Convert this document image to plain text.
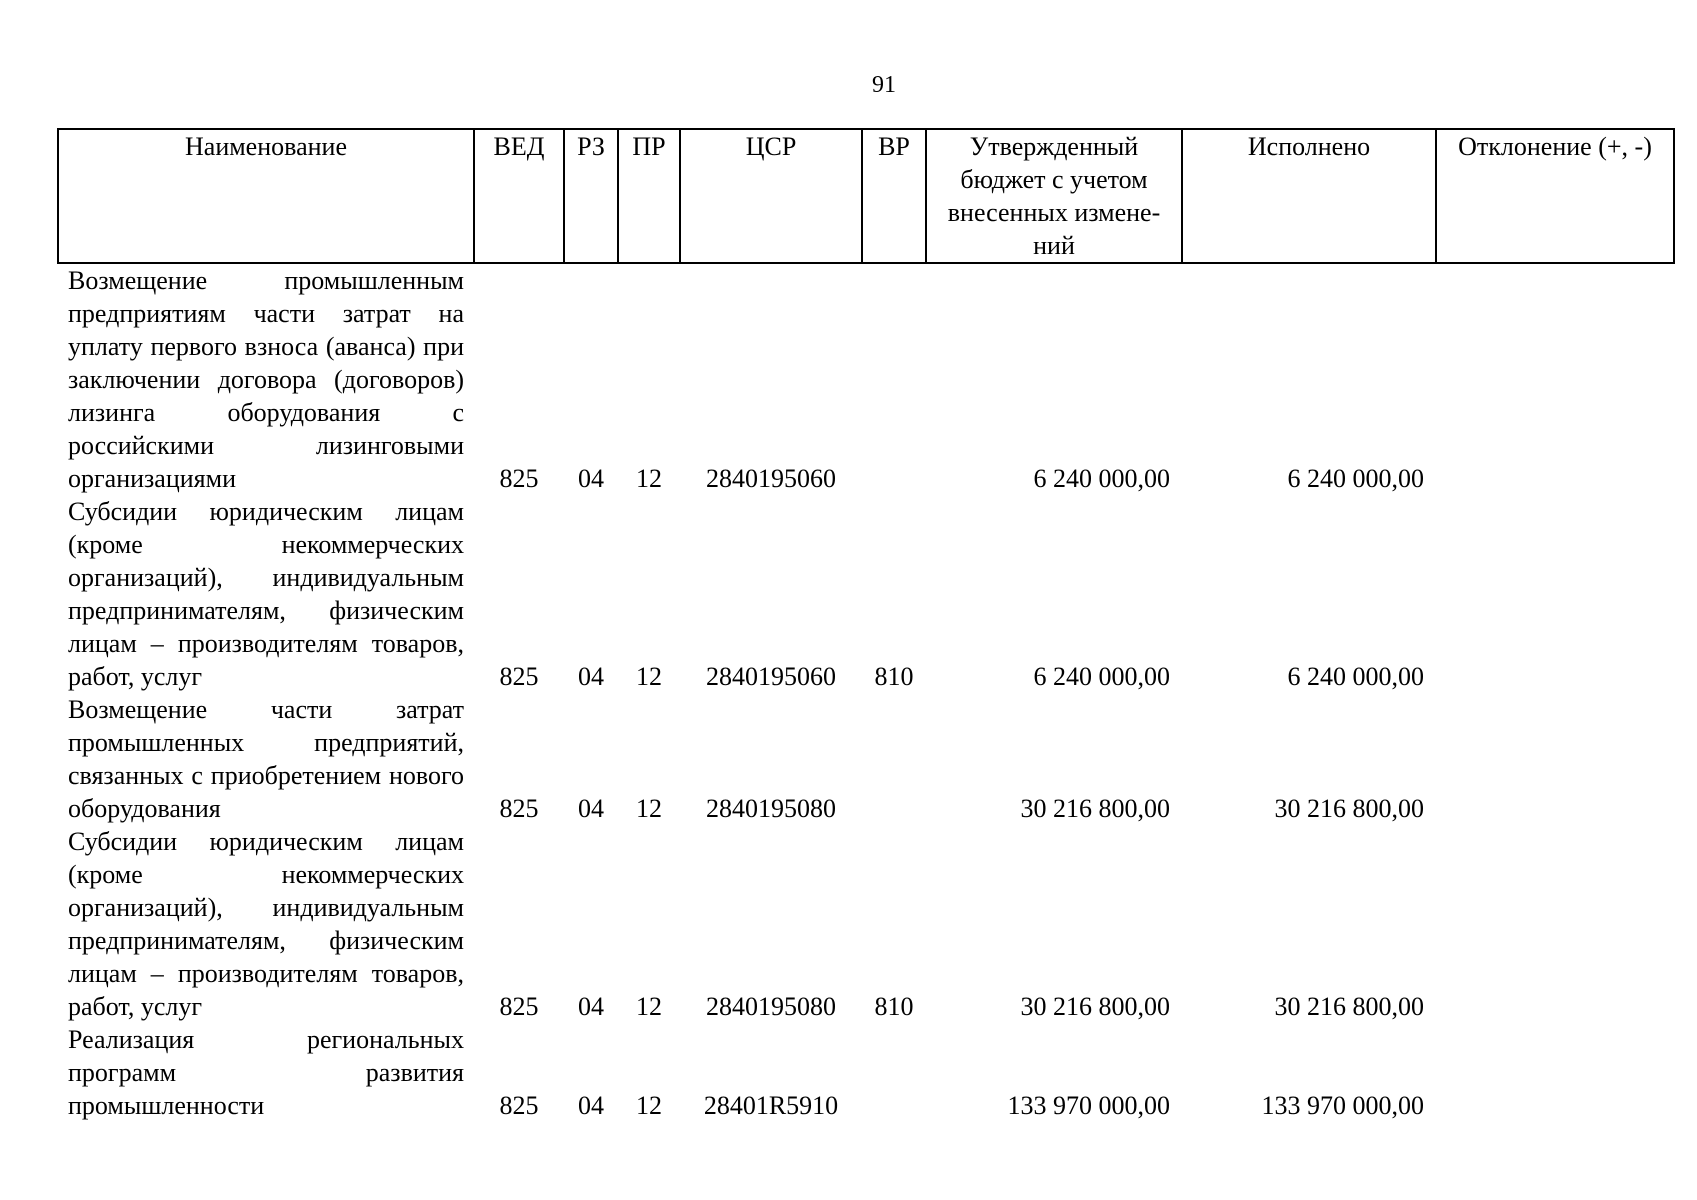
91
Наименование	ВЕД	РЗ	ПР	ЦСР	ВР	Утвержденный бюджет с учетом внесенных измене-ний	Исполнено	Отклонение (+, -)
Возмещение промышленным предприятиям части затрат на уплату первого взноса (аванса) при заключении договора (договоров) лизинга оборудования с российскими лизинговыми организациями	825	04	12	2840195060		6 240 000,00	6 240 000,00	
Субсидии юридическим лицам (кроме некоммерческих организаций), индивидуальным предпринимателям, физическим лицам – производителям товаров, работ, услуг	825	04	12	2840195060	810	6 240 000,00	6 240 000,00	
Возмещение части затрат промышленных предприятий, связанных с приобретением нового оборудования	825	04	12	2840195080		30 216 800,00	30 216 800,00	
Субсидии юридическим лицам (кроме некоммерческих организаций), индивидуальным предпринимателям, физическим лицам – производителям товаров, работ, услуг	825	04	12	2840195080	810	30 216 800,00	30 216 800,00	
Реализация региональных программ развития промышленности	825	04	12	28401R5910		133 970 000,00	133 970 000,00	
